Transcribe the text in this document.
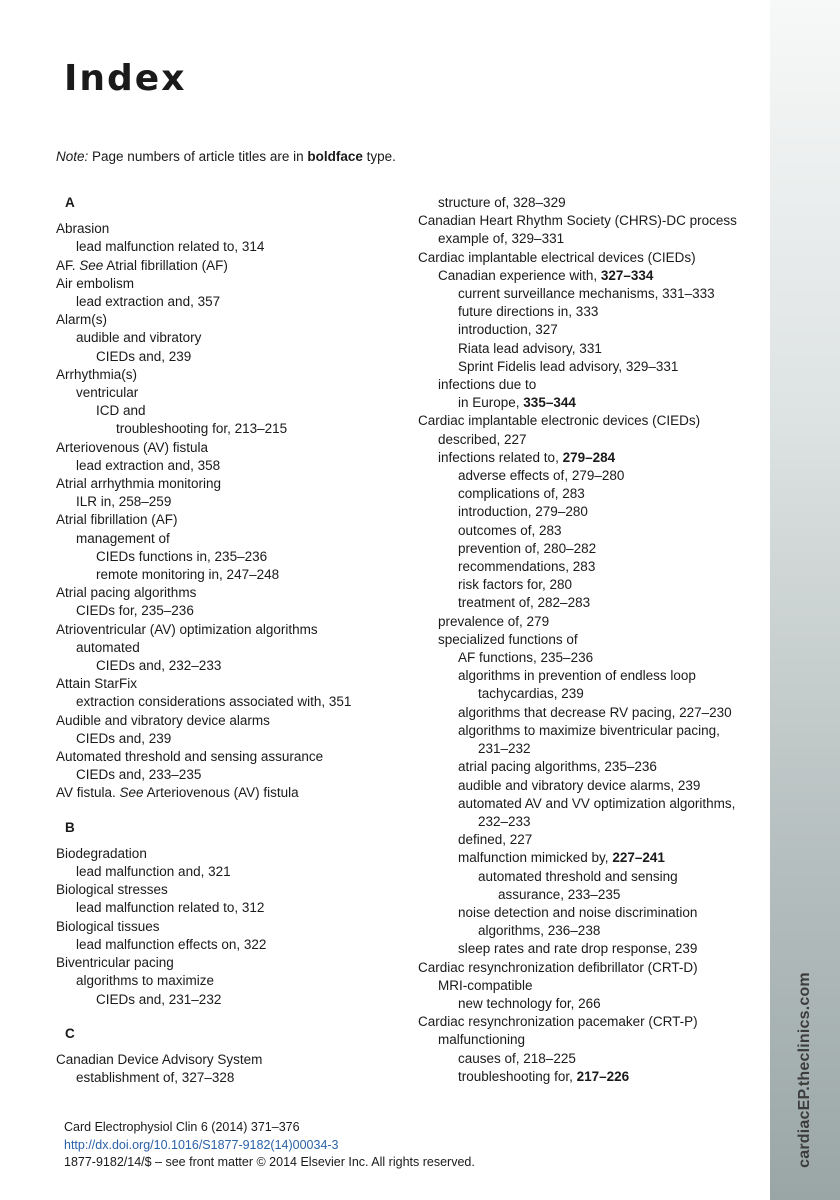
cardiacEP.theclinics.com
Index
Note: Page numbers of article titles are in boldface type.
A
Abrasion
lead malfunction related to, 314
AF. See Atrial fibrillation (AF)
Air embolism
lead extraction and, 357
Alarm(s)
audible and vibratory
CIEDs and, 239
Arrhythmia(s)
ventricular
ICD and
troubleshooting for, 213–215
Arteriovenous (AV) fistula
lead extraction and, 358
Atrial arrhythmia monitoring
ILR in, 258–259
Atrial fibrillation (AF)
management of
CIEDs functions in, 235–236
remote monitoring in, 247–248
Atrial pacing algorithms
CIEDs for, 235–236
Atrioventricular (AV) optimization algorithms
automated
CIEDs and, 232–233
Attain StarFix
extraction considerations associated with, 351
Audible and vibratory device alarms
CIEDs and, 239
Automated threshold and sensing assurance
CIEDs and, 233–235
AV fistula. See Arteriovenous (AV) fistula
B
Biodegradation
lead malfunction and, 321
Biological stresses
lead malfunction related to, 312
Biological tissues
lead malfunction effects on, 322
Biventricular pacing
algorithms to maximize
CIEDs and, 231–232
C
Canadian Device Advisory System
establishment of, 327–328
structure of, 328–329
Canadian Heart Rhythm Society (CHRS)-DC process
example of, 329–331
Cardiac implantable electrical devices (CIEDs)
Canadian experience with, 327–334
current surveillance mechanisms, 331–333
future directions in, 333
introduction, 327
Riata lead advisory, 331
Sprint Fidelis lead advisory, 329–331
infections due to
in Europe, 335–344
Cardiac implantable electronic devices (CIEDs)
described, 227
infections related to, 279–284
adverse effects of, 279–280
complications of, 283
introduction, 279–280
outcomes of, 283
prevention of, 280–282
recommendations, 283
risk factors for, 280
treatment of, 282–283
prevalence of, 279
specialized functions of
AF functions, 235–236
algorithms in prevention of endless loop
tachycardias, 239
algorithms that decrease RV pacing, 227–230
algorithms to maximize biventricular pacing,
231–232
atrial pacing algorithms, 235–236
audible and vibratory device alarms, 239
automated AV and VV optimization algorithms,
232–233
defined, 227
malfunction mimicked by, 227–241
automated threshold and sensing
assurance, 233–235
noise detection and noise discrimination
algorithms, 236–238
sleep rates and rate drop response, 239
Cardiac resynchronization defibrillator (CRT-D)
MRI-compatible
new technology for, 266
Cardiac resynchronization pacemaker (CRT-P)
malfunctioning
causes of, 218–225
troubleshooting for, 217–226
Card Electrophysiol Clin 6 (2014) 371–376
http://dx.doi.org/10.1016/S1877-9182(14)00034-3
1877-9182/14/$ – see front matter © 2014 Elsevier Inc. All rights reserved.
